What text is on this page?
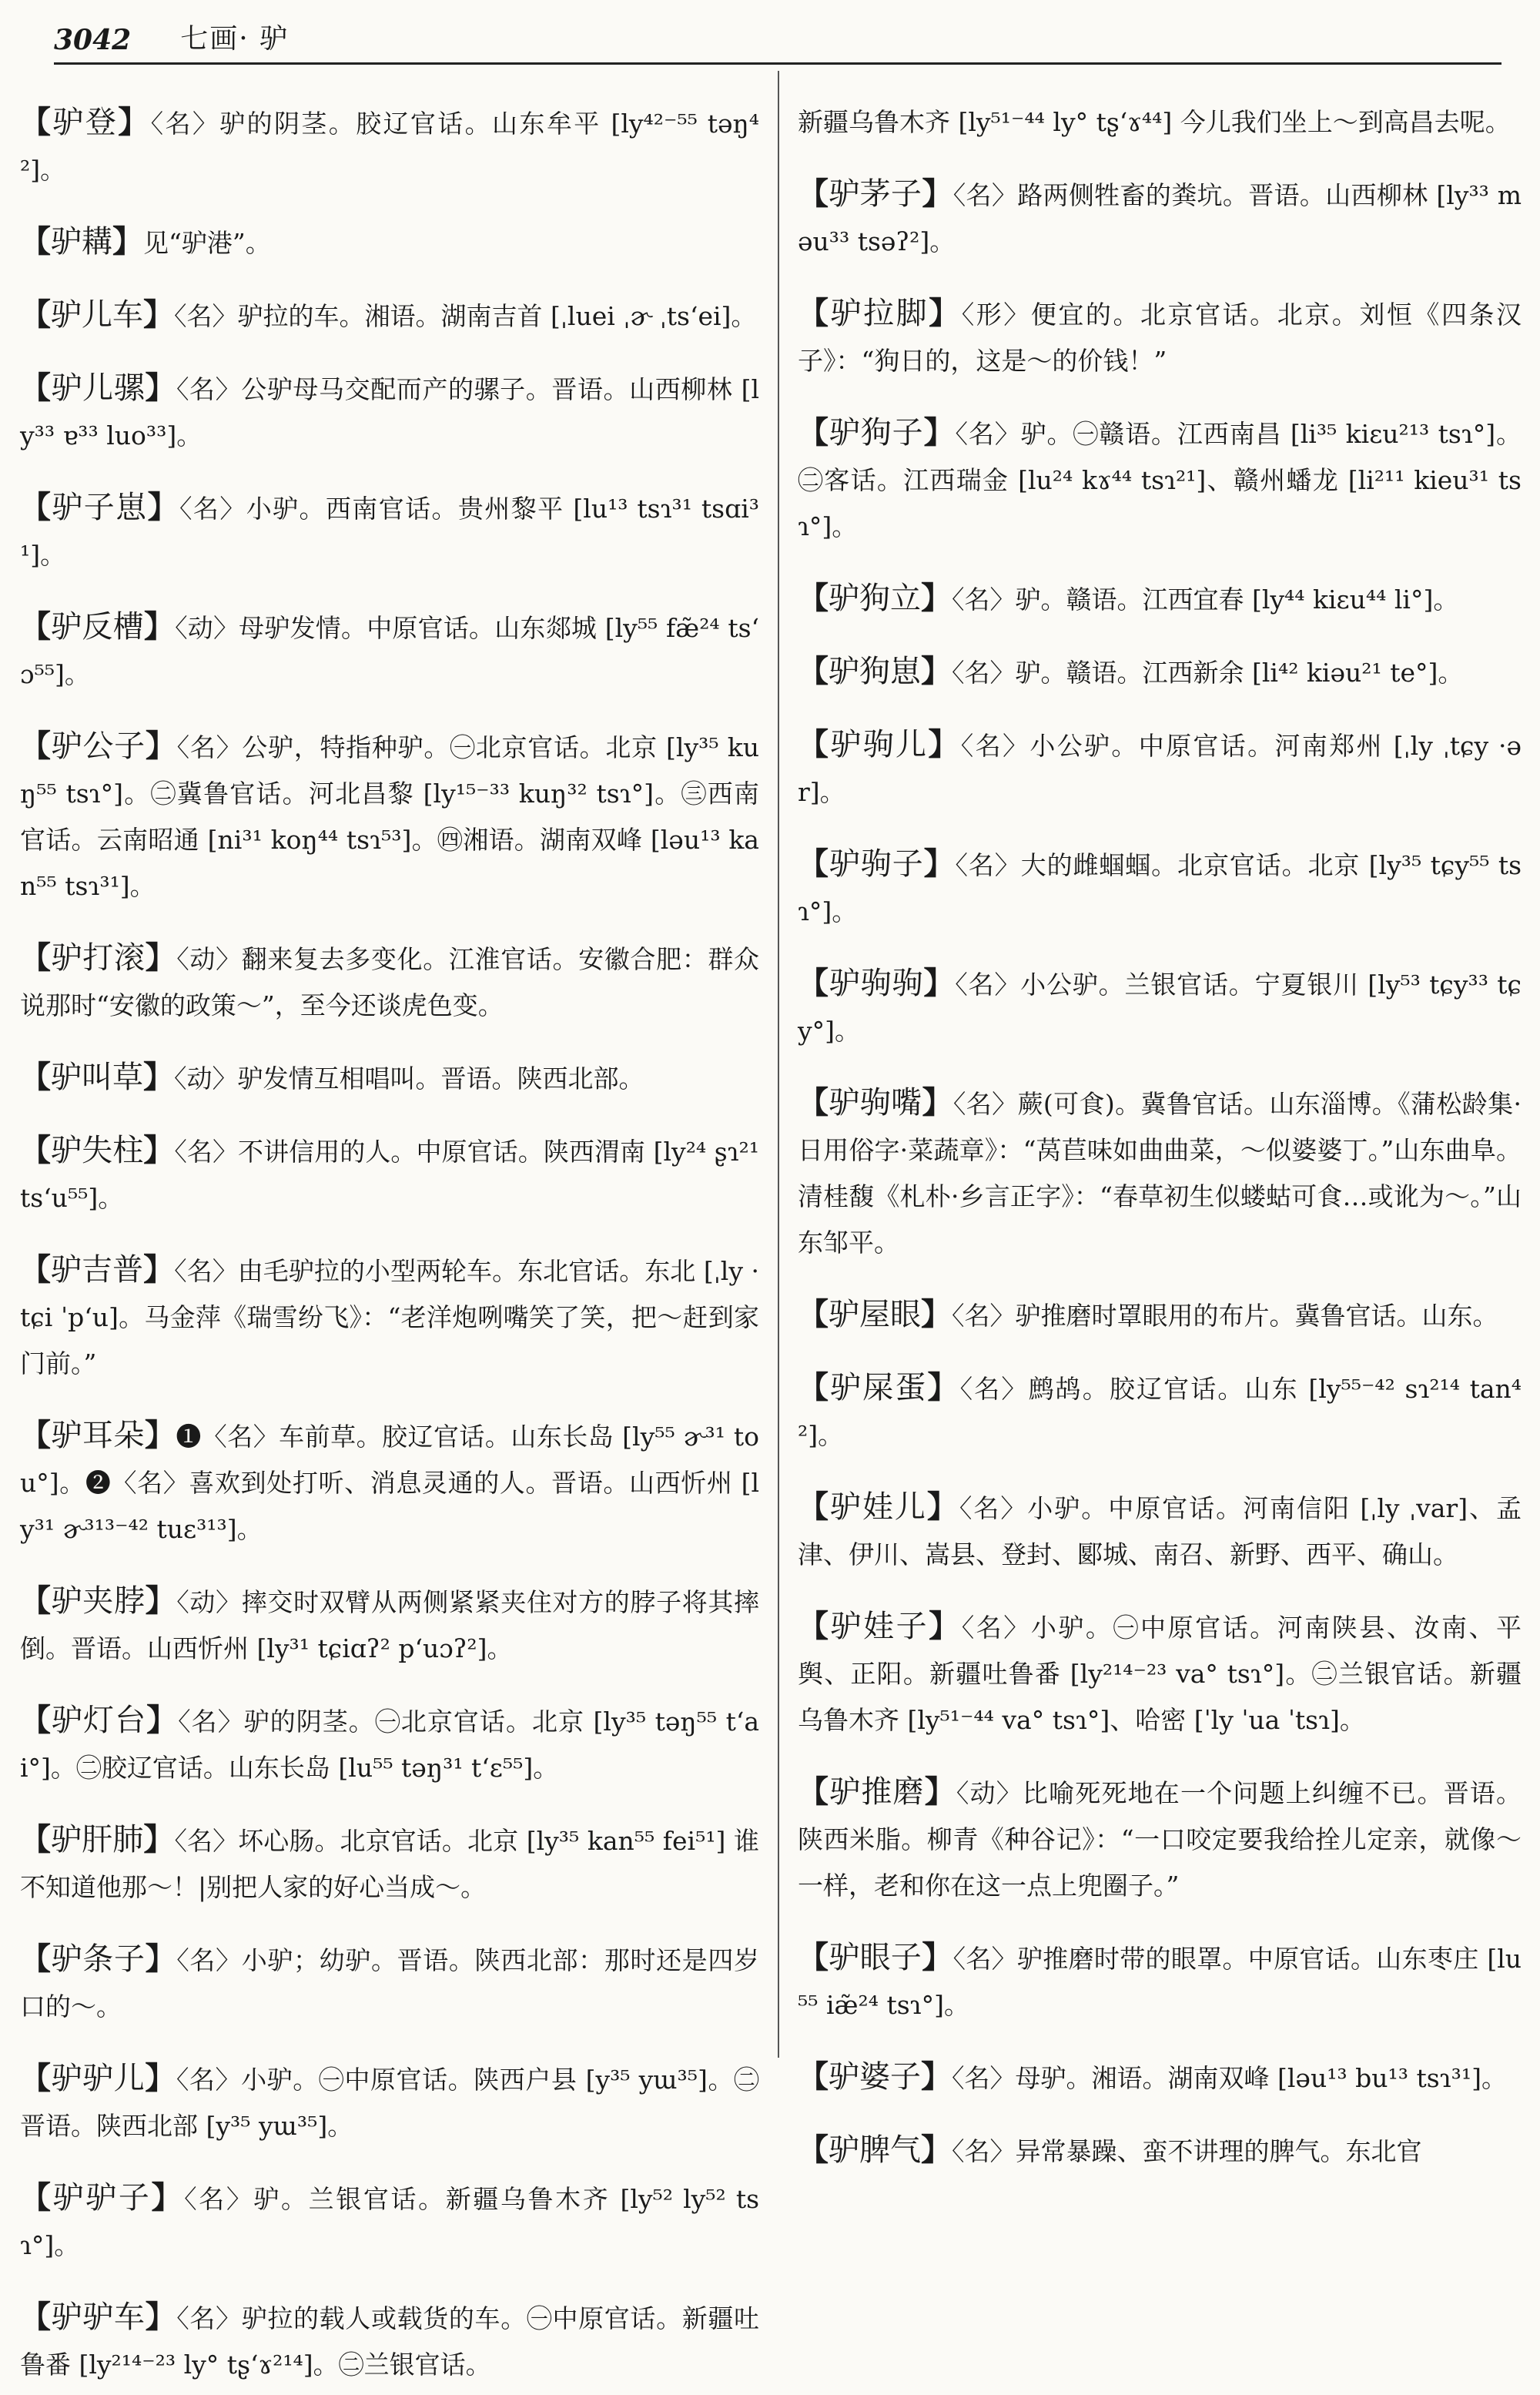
3042 七画· 驴

【驴登】〈名〉驴的阴茎。胶辽官话。山东牟平 [ly⁴²⁻⁵⁵ təŋ⁴²]。

【驴耩】见“驴港”。

【驴儿车】〈名〉驴拉的车。湘语。湖南吉首 [ˌluei ˌɚ ˌtsʻei]。

【驴儿骡】〈名〉公驴母马交配而产的骡子。晋语。山西柳林 [ly³³ ɐ³³ luo³³]。

【驴子崽】〈名〉小驴。西南官话。贵州黎平 [lu¹³ tsɿ³¹ tsɑi³¹]。

【驴反槽】〈动〉母驴发情。中原官话。山东郯城 [ly⁵⁵ fæ̃²⁴ tsʻɔ⁵⁵]。

【驴公子】〈名〉公驴，特指种驴。㊀北京官话。北京 [ly³⁵ kuŋ⁵⁵ tsɿ°]。㊁冀鲁官话。河北昌黎 [ly¹⁵⁻³³ kuŋ³² tsɿ°]。㊂西南官话。云南昭通 [ni³¹ koŋ⁴⁴ tsɿ⁵³]。㊃湘语。湖南双峰 [ləu¹³ kan⁵⁵ tsɿ³¹]。

【驴打滚】〈动〉翻来复去多变化。江淮官话。安徽合肥：群众说那时“安徽的政策～”，至今还谈虎色变。

【驴叫草】〈动〉驴发情互相唱叫。晋语。陕西北部。

【驴失柱】〈名〉不讲信用的人。中原官话。陕西渭南 [ly²⁴ ʂɿ²¹ tsʻu⁵⁵]。

【驴吉普】〈名〉由毛驴拉的小型两轮车。东北官话。东北 [ˌly ·tɕi ˈpʻu]。马金萍《瑞雪纷飞》：“老洋炮咧嘴笑了笑，把～赶到家门前。”

【驴耳朵】❶〈名〉车前草。胶辽官话。山东长岛 [ly⁵⁵ ɚ³¹ tou°]。❷〈名〉喜欢到处打听、消息灵通的人。晋语。山西忻州 [ly³¹ ɚ³¹³⁻⁴² tuɛ³¹³]。

【驴夹脖】〈动〉摔交时双臂从两侧紧紧夹住对方的脖子将其摔倒。晋语。山西忻州 [ly³¹ tɕiɑʔ² pʻuɔʔ²]。

【驴灯台】〈名〉驴的阴茎。㊀北京官话。北京 [ly³⁵ təŋ⁵⁵ tʻai°]。㊁胶辽官话。山东长岛 [lu⁵⁵ təŋ³¹ tʻɛ⁵⁵]。

【驴肝肺】〈名〉坏心肠。北京官话。北京 [ly³⁵ kan⁵⁵ fei⁵¹] 谁不知道他那～！|别把人家的好心当成～。

【驴条子】〈名〉小驴；幼驴。晋语。陕西北部：那时还是四岁口的～。

【驴驴儿】〈名〉小驴。㊀中原官话。陕西户县 [y³⁵ yɯ³⁵]。㊁晋语。陕西北部 [y³⁵ yɯ³⁵]。

【驴驴子】〈名〉驴。兰银官话。新疆乌鲁木齐 [ly⁵² ly⁵² tsɿ°]。

【驴驴车】〈名〉驴拉的载人或载货的车。㊀中原官话。新疆吐鲁番 [ly²¹⁴⁻²³ ly° tʂʻɤ²¹⁴]。㊁兰银官话。

新疆乌鲁木齐 [ly⁵¹⁻⁴⁴ ly° tʂʻɤ⁴⁴] 今儿我们坐上～到高昌去呢。

【驴茅子】〈名〉路两侧牲畜的粪坑。晋语。山西柳林 [ly³³ məu³³ tsəʔ²]。

【驴拉脚】〈形〉便宜的。北京官话。北京。刘恒《四条汉子》：“狗日的，这是～的价钱！”

【驴狗子】〈名〉驴。㊀赣语。江西南昌 [li³⁵ kiɛu²¹³ tsɿ°]。㊁客话。江西瑞金 [lu²⁴ kɤ⁴⁴ tsɿ²¹]、赣州蟠龙 [li²¹¹ kieu³¹ tsɿ°]。

【驴狗立】〈名〉驴。赣语。江西宜春 [ly⁴⁴ kiɛu⁴⁴ li°]。

【驴狗崽】〈名〉驴。赣语。江西新余 [li⁴² kiəu²¹ te°]。

【驴驹儿】〈名〉小公驴。中原官话。河南郑州 [ˌly ˌtɕy ·ər]。

【驴驹子】〈名〉大的雌蝈蝈。北京官话。北京 [ly³⁵ tɕy⁵⁵ tsɿ°]。

【驴驹驹】〈名〉小公驴。兰银官话。宁夏银川 [ly⁵³ tɕy³³ tɕy°]。

【驴驹嘴】〈名〉蕨(可食)。冀鲁官话。山东淄博。《蒲松龄集·日用俗字·菜蔬章》：“莴苣味如曲曲菜，～似婆婆丁。”山东曲阜。清桂馥《札朴·乡言正字》：“春草初生似蝼蛄可食…或讹为～。”山东邹平。

【驴屋眼】〈名〉驴推磨时罩眼用的布片。冀鲁官话。山东。

【驴屎蛋】〈名〉鹧鸪。胶辽官话。山东 [ly⁵⁵⁻⁴² sɿ²¹⁴ tan⁴²]。

【驴娃儿】〈名〉小驴。中原官话。河南信阳 [ˌly ˌvar]、孟津、伊川、嵩县、登封、郾城、南召、新野、西平、确山。

【驴娃子】〈名〉小驴。㊀中原官话。河南陕县、汝南、平舆、正阳。新疆吐鲁番 [ly²¹⁴⁻²³ va° tsɿ°]。㊁兰银官话。新疆乌鲁木齐 [ly⁵¹⁻⁴⁴ va° tsɿ°]、哈密 [ˈly ˈua ˈtsɿ]。

【驴推磨】〈动〉比喻死死地在一个问题上纠缠不已。晋语。陕西米脂。柳青《种谷记》：“一口咬定要我给拴儿定亲，就像～一样，老和你在这一点上兜圈子。”

【驴眼子】〈名〉驴推磨时带的眼罩。中原官话。山东枣庄 [lu⁵⁵ iæ̃²⁴ tsɿ°]。

【驴婆子】〈名〉母驴。湘语。湖南双峰 [ləu¹³ bu¹³ tsɿ³¹]。

【驴脾气】〈名〉异常暴躁、蛮不讲理的脾气。东北官
